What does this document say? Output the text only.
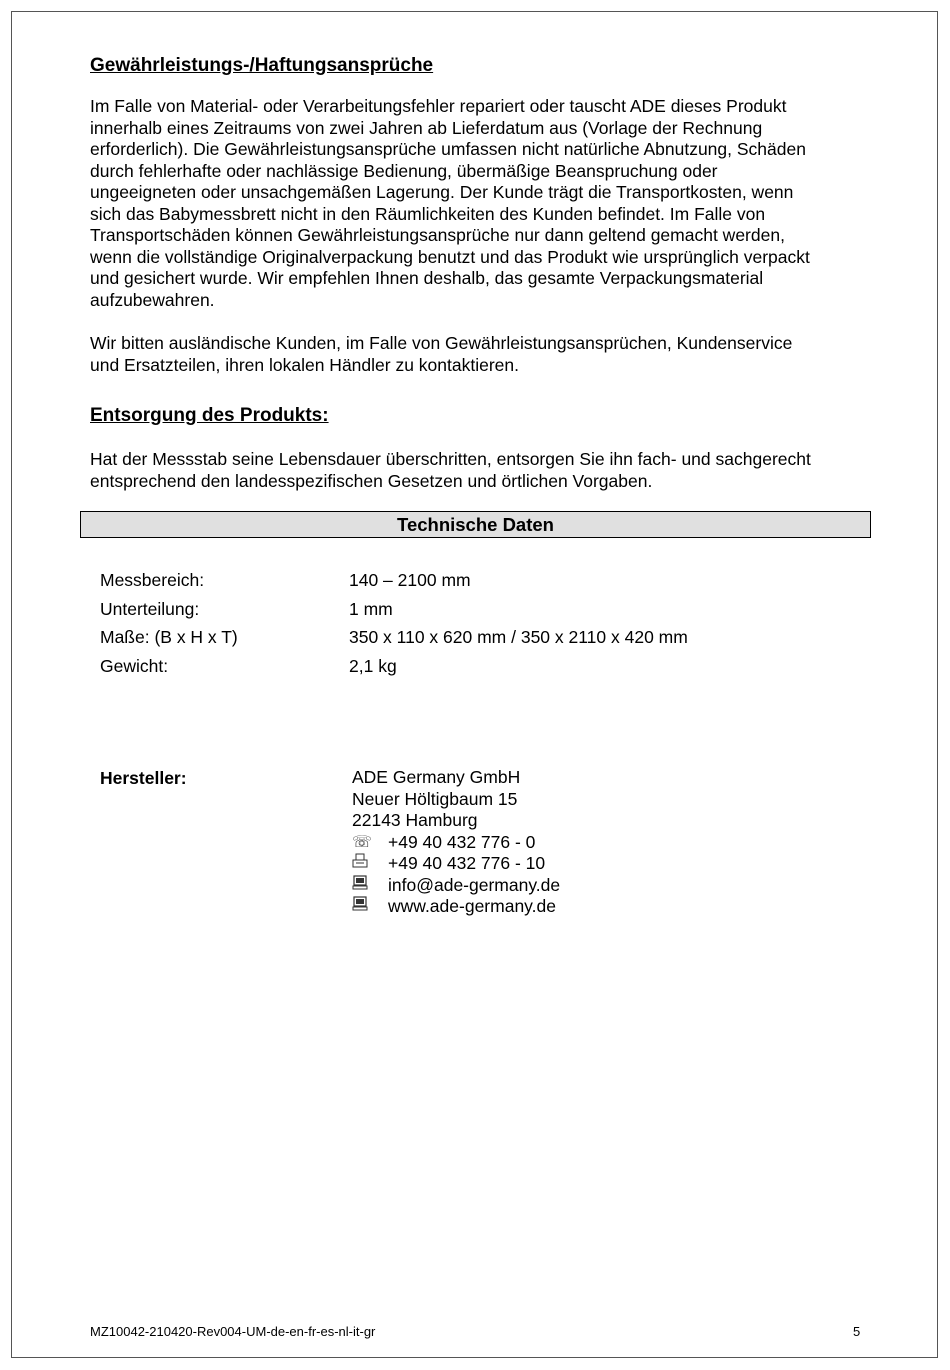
Gewährleistungs-/Haftungsansprüche

Im Falle von Material- oder Verarbeitungsfehler repariert oder tauscht ADE dieses Produkt

innerhalb eines Zeitraums von zwei Jahren ab Lieferdatum aus (Vorlage der Rechnung

erforderlich). Die Gewährleistungsansprüche umfassen nicht natürliche Abnutzung, Schäden

durch fehlerhafte oder nachlässige Bedienung, übermäßige Beanspruchung oder

ungeeigneten oder unsachgemäßen Lagerung. Der Kunde trägt die Transportkosten, wenn

sich das Babymessbrett nicht in den Räumlichkeiten des Kunden befindet. Im Falle von

Transportschäden können Gewährleistungsansprüche nur dann geltend gemacht werden,

wenn die vollständige Originalverpackung benutzt und das Produkt wie ursprünglich verpackt

und gesichert wurde. Wir empfehlen Ihnen deshalb, das gesamte Verpackungsmaterial

aufzubewahren.

Wir bitten ausländische Kunden, im Falle von Gewährleistungsansprüchen, Kundenservice

und Ersatzteilen, ihren lokalen Händler zu kontaktieren.

Entsorgung des Produkts:

Hat der Messstab seine Lebensdauer überschritten, entsorgen Sie ihn fach- und sachgerecht

entsprechend den landesspezifischen Gesetzen und örtlichen Vorgaben.

Technische Daten
Messbereich:	140 – 2100 mm
Unterteilung:	1 mm
Maße: (B x H x T)	350 x 110 x 620 mm / 350 x 2110 x 420 mm
Gewicht:	2,1 kg
Hersteller:	ADE Germany GmbH
Neuer Höltigbaum 15
22143 Hamburg
☏ +49 40 432 776 - 0
+49 40 432 776 - 10
info@ade-germany.de
www.ade-germany.de
MZ10042-210420-Rev004-UM-de-en-fr-es-nl-it-gr	5
